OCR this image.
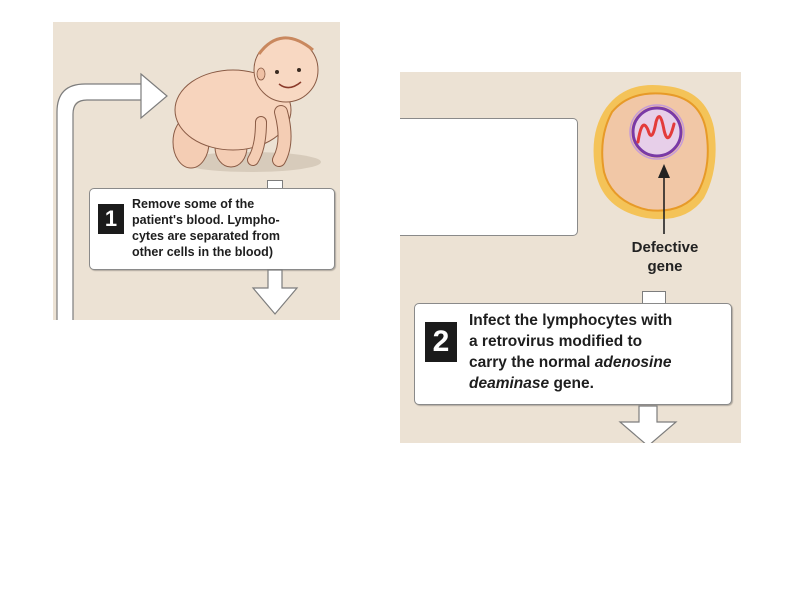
1
Remove some of the
patient's blood. Lympho-
cytes are separated from
other cells in the blood)	Defective
gene
2
Infect the lymphocytes with
a retrovirus modified to
carry the normal adenosine
deaminase gene.
